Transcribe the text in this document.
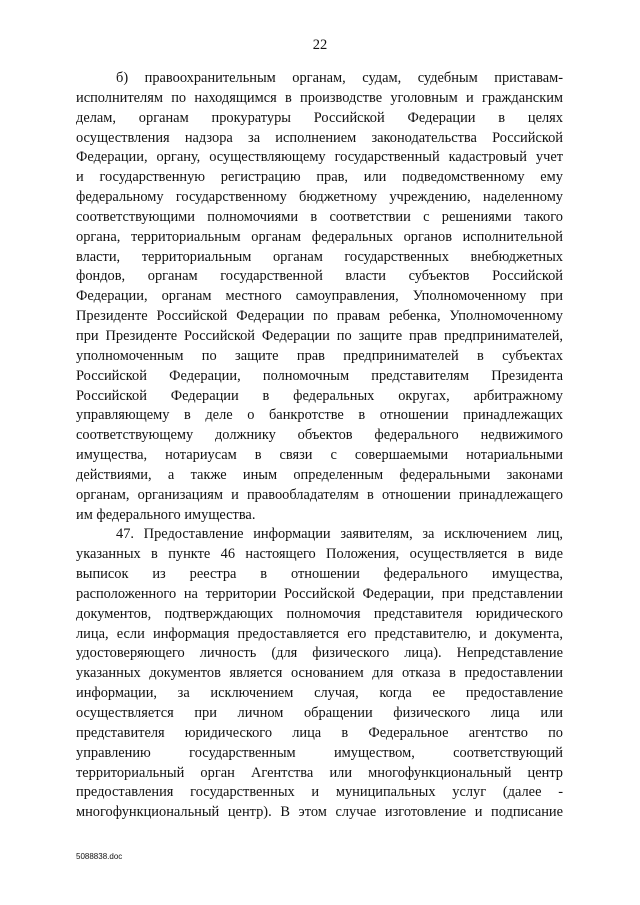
22
б) правоохранительным органам, судам, судебным приставам-
исполнителям по находящимся в производстве уголовным и гражданским
делам, органам прокуратуры Российской Федерации в целях
осуществления надзора за исполнением законодательства Российской
Федерации, органу, осуществляющему государственный кадастровый учет
и государственную регистрацию прав, или подведомственному ему
федеральному государственному бюджетному учреждению, наделенному
соответствующими полномочиями в соответствии с решениями такого
органа, территориальным органам федеральных органов исполнительной
власти, территориальным органам государственных внебюджетных
фондов, органам государственной власти субъектов Российской
Федерации, органам местного самоуправления, Уполномоченному при
Президенте Российской Федерации по правам ребенка, Уполномоченному
при Президенте Российской Федерации по защите прав предпринимателей,
уполномоченным по защите прав предпринимателей в субъектах
Российской Федерации, полномочным представителям Президента
Российской Федерации в федеральных округах, арбитражному
управляющему в деле о банкротстве в отношении принадлежащих
соответствующему должнику объектов федерального недвижимого
имущества, нотариусам в связи с совершаемыми нотариальными
действиями, а также иным определенным федеральными законами
органам, организациям и правообладателям в отношении принадлежащего
им федерального имущества.
47. Предоставление информации заявителям, за исключением лиц,
указанных в пункте 46 настоящего Положения, осуществляется в виде
выписок из реестра в отношении федерального имущества,
расположенного на территории Российской Федерации, при представлении
документов, подтверждающих полномочия представителя юридического
лица, если информация предоставляется его представителю, и документа,
удостоверяющего личность (для физического лица). Непредставление
указанных документов является основанием для отказа в предоставлении
информации, за исключением случая, когда ее предоставление
осуществляется при личном обращении физического лица или
представителя юридического лица в Федеральное агентство по
управлению государственным имуществом, соответствующий
территориальный орган Агентства или многофункциональный центр
предоставления государственных и муниципальных услуг (далее -
многофункциональный центр). В этом случае изготовление и подписание
5088838.doc
